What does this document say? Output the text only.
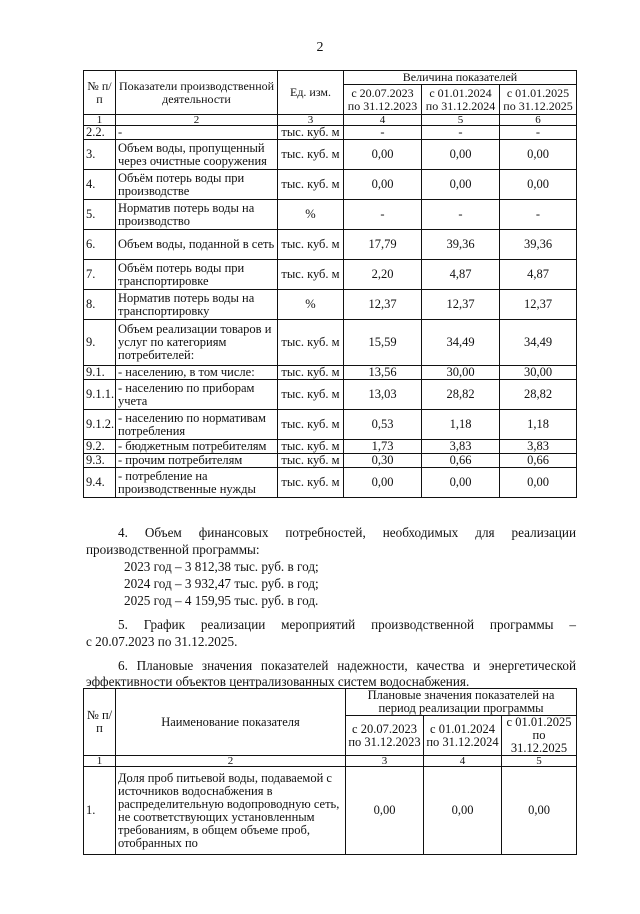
2
№ п/п	Показатели производственной деятельности	Ед. изм.	Величина показателей		
			с 20.07.2023 по 31.12.2023	с 01.01.2024 по 31.12.2024	с 01.01.2025 по 31.12.2025
1	2	3	4	5	6
2.2.	-	тыс. куб. м	-	-	-
3.	Объем воды, пропущенный через очистные сооружения	тыс. куб. м	0,00	0,00	0,00
4.	Объём потерь воды при производстве	тыс. куб. м	0,00	0,00	0,00
5.	Норматив потерь воды на производство	%	-	-	-
6.	Объем воды, поданной в сеть	тыс. куб. м	17,79	39,36	39,36
7.	Объём потерь воды при транспортировке	тыс. куб. м	2,20	4,87	4,87
8.	Норматив потерь воды на транспортировку	%	12,37	12,37	12,37
9.	Объем реализации товаров и услуг по категориям потребителей:	тыс. куб. м	15,59	34,49	34,49
9.1.	- населению, в том числе:	тыс. куб. м	13,56	30,00	30,00
9.1.1.	- населению по приборам учета	тыс. куб. м	13,03	28,82	28,82
9.1.2.	- населению по нормативам потребления	тыс. куб. м	0,53	1,18	1,18
9.2.	- бюджетным потребителям	тыс. куб. м	1,73	3,83	3,83
9.3.	- прочим потребителям	тыс. куб. м	0,30	0,66	0,66
9.4.	- потребление на производственные нужды	тыс. куб. м	0,00	0,00	0,00
4. Объем финансовых потребностей, необходимых для реализации
производственной программы:
2023 год – 3 812,38 тыс. руб. в год;
2024 год – 3 932,47 тыс. руб. в год;
2025 год – 4 159,95 тыс. руб. в год.
5. График реализации мероприятий производственной программы –
с 20.07.2023 по 31.12.2025.
6. Плановые значения показателей надежности, качества и энергетической
эффективности объектов централизованных систем водоснабжения.
№ п/п	Наименование показателя	Плановые значения показателей на период реализации программы		
		с 20.07.2023 по 31.12.2023	с 01.01.2024 по 31.12.2024	с 01.01.2025 по 31.12.2025
1	2	3	4	5
1.	Доля проб питьевой воды, подаваемой с источников водоснабжения в распределительную водопроводную сеть, не соответствующих установленным требованиям, в общем объеме проб, отобранных по	0,00	0,00	0,00
